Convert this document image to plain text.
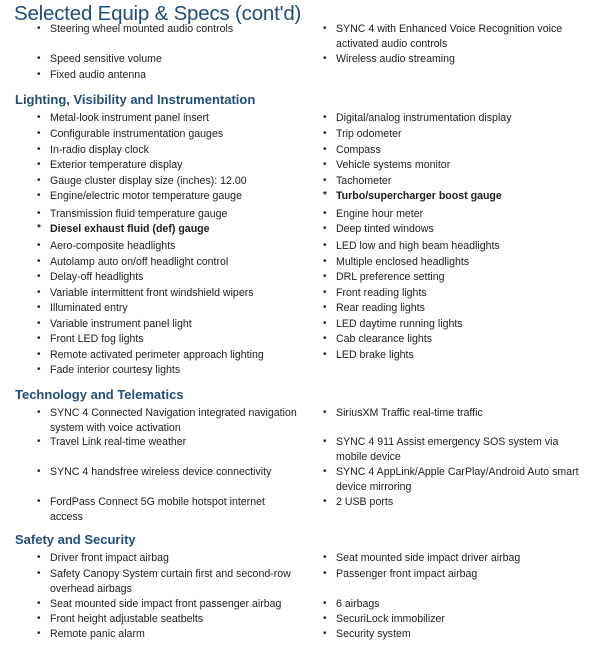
Selected Equip & Specs (cont'd)
• Steering wheel mounted audio controls
• Speed sensitive volume
• Fixed audio antenna
• SYNC 4 with Enhanced Voice Recognition voice
activated audio controls
• Wireless audio streaming
Lighting, Visibility and Instrumentation
• Metal-look instrument panel insert
• Configurable instrumentation gauges
• In-radio display clock
• Exterior temperature display
• Gauge cluster display size (inches): 12.00
• Engine/electric motor temperature gauge
• Transmission fluid temperature gauge
* Diesel exhaust fluid (def) gauge
• Aero-composite headlights
• Autolamp auto on/off headlight control
• Delay-off headlights
• Variable intermittent front windshield wipers
• Illuminated entry
• Variable instrument panel light
• Front LED fog lights
• Remote activated perimeter approach lighting
• Fade interior courtesy lights
• Digital/analog instrumentation display
• Trip odometer
• Compass
• Vehicle systems monitor
• Tachometer
* Turbo/supercharger boost gauge
• Engine hour meter
• Deep tinted windows
• LED low and high beam headlights
• Multiple enclosed headlights
• DRL preference setting
• Front reading lights
• Rear reading lights
• LED daytime running lights
• Cab clearance lights
• LED brake lights
Technology and Telematics
• SYNC 4 Connected Navigation integrated navigation
system with voice activation
• Travel Link real-time weather
• SYNC 4 handsfree wireless device connectivity
• FordPass Connect 5G mobile hotspot internet
access
• SiriusXM Traffic real-time traffic
• SYNC 4 911 Assist emergency SOS system via
mobile device
• SYNC 4 AppLink/Apple CarPlay/Android Auto smart
device mirroring
• 2 USB ports
Safety and Security
• Driver front impact airbag
• Safety Canopy System curtain first and second-row
overhead airbags
• Seat mounted side impact front passenger airbag
• Front height adjustable seatbelts
• Remote panic alarm
• Seat mounted side impact driver airbag
• Passenger front impact airbag
• 6 airbags
• SecuriLock immobilizer
• Security system
